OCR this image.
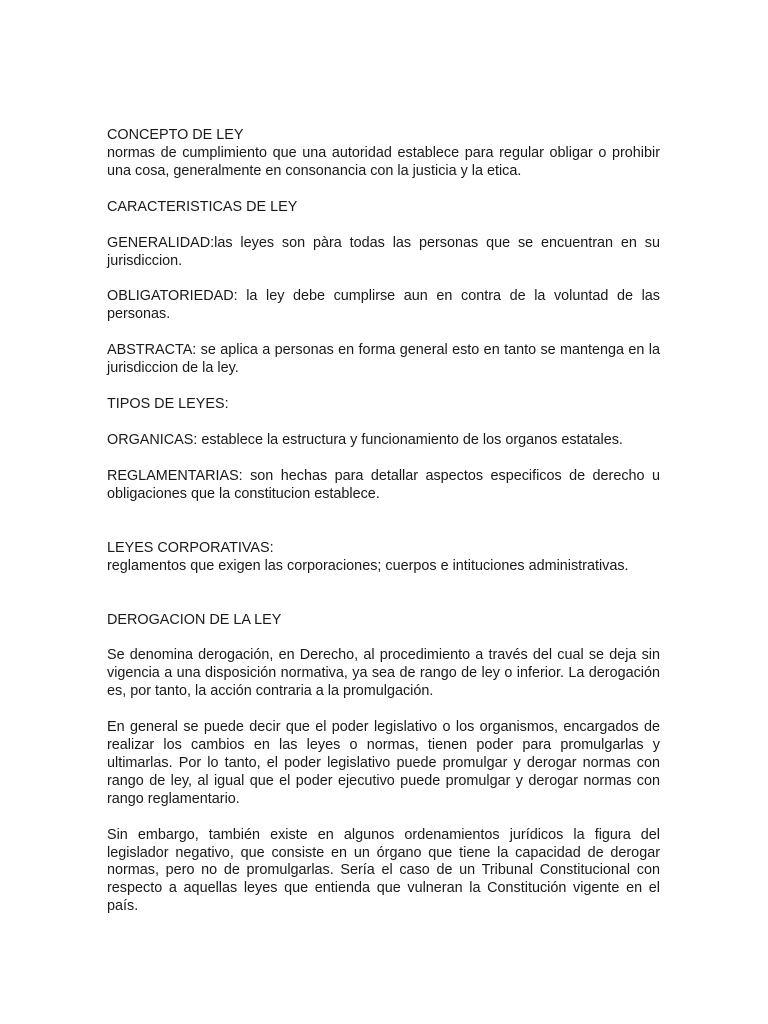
CONCEPTO DE LEY

normas de cumplimiento que una autoridad establece para regular obligar o prohibir una cosa, generalmente en consonancia con la justicia y la etica.

CARACTERISTICAS DE LEY

GENERALIDAD:las leyes son pàra todas las personas que se encuentran en su jurisdiccion.

OBLIGATORIEDAD: la ley debe cumplirse aun en contra de la voluntad de las personas.

ABSTRACTA: se aplica a personas en forma general esto en tanto se mantenga en la jurisdiccion de la ley.

TIPOS DE LEYES:

ORGANICAS: establece la estructura y funcionamiento de los organos estatales.

REGLAMENTARIAS: son hechas para detallar aspectos especificos de derecho u obligaciones que la constitucion establece.

LEYES CORPORATIVAS:

reglamentos que exigen las corporaciones; cuerpos e intituciones administrativas.

DEROGACION DE LA LEY

Se denomina derogación, en Derecho, al procedimiento a través del cual se deja sin vigencia a una disposición normativa, ya sea de rango de ley o inferior. La derogación es, por tanto, la acción contraria a la promulgación.

En general se puede decir que el poder legislativo o los organismos, encargados de realizar los cambios en las leyes o normas, tienen poder para promulgarlas y ultimarlas. Por lo tanto, el poder legislativo puede promulgar y derogar normas con rango de ley, al igual que el poder ejecutivo puede promulgar y derogar normas con rango reglamentario.

Sin embargo, también existe en algunos ordenamientos jurídicos la figura del legislador negativo, que consiste en un órgano que tiene la capacidad de derogar normas, pero no de promulgarlas. Sería el caso de un Tribunal Constitucional con respecto a aquellas leyes que entienda que vulneran la Constitución vigente en el país.
